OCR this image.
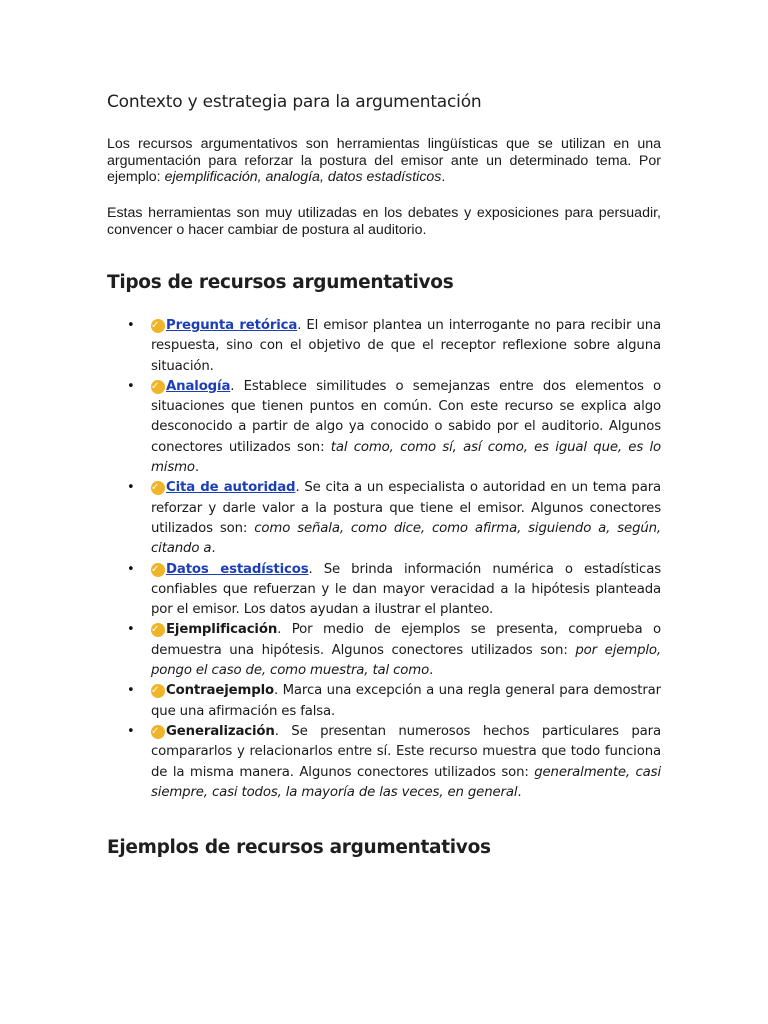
Contexto y estrategia para la argumentación

Los recursos argumentativos son herramientas lingüísticas que se utilizan en una argumentación para reforzar la postura del emisor ante un determinado tema. Por ejemplo: ejemplificación, analogía, datos estadísticos.

Estas herramientas son muy utilizadas en los debates y exposiciones para persuadir, convencer o hacer cambiar de postura al auditorio.

Tipos de recursos argumentativos
• ✓ Pregunta retórica. El emisor plantea un interrogante no para recibir una respuesta, sino con el objetivo de que el receptor reflexione sobre alguna situación.
• ✓ Analogía. Establece similitudes o semejanzas entre dos elementos o situaciones que tienen puntos en común. Con este recurso se explica algo desconocido a partir de algo ya conocido o sabido por el auditorio. Algunos conectores utilizados son: tal como, como sí, así como, es igual que, es lo mismo.
• ✓ Cita de autoridad. Se cita a un especialista o autoridad en un tema para reforzar y darle valor a la postura que tiene el emisor. Algunos conectores utilizados son: como señala, como dice, como afirma, siguiendo a, según, citando a.
• ✓ Datos estadísticos. Se brinda información numérica o estadísticas confiables que refuerzan y le dan mayor veracidad a la hipótesis planteada por el emisor. Los datos ayudan a ilustrar el planteo.
• ✓ Ejemplificación. Por medio de ejemplos se presenta, comprueba o demuestra una hipótesis. Algunos conectores utilizados son: por ejemplo, pongo el caso de, como muestra, tal como.
• ✓ Contraejemplo. Marca una excepción a una regla general para demostrar que una afirmación es falsa.
• ✓ Generalización. Se presentan numerosos hechos particulares para compararlos y relacionarlos entre sí. Este recurso muestra que todo funciona de la misma manera. Algunos conectores utilizados son: generalmente, casi siempre, casi todos, la mayoría de las veces, en general.
Ejemplos de recursos argumentativos
